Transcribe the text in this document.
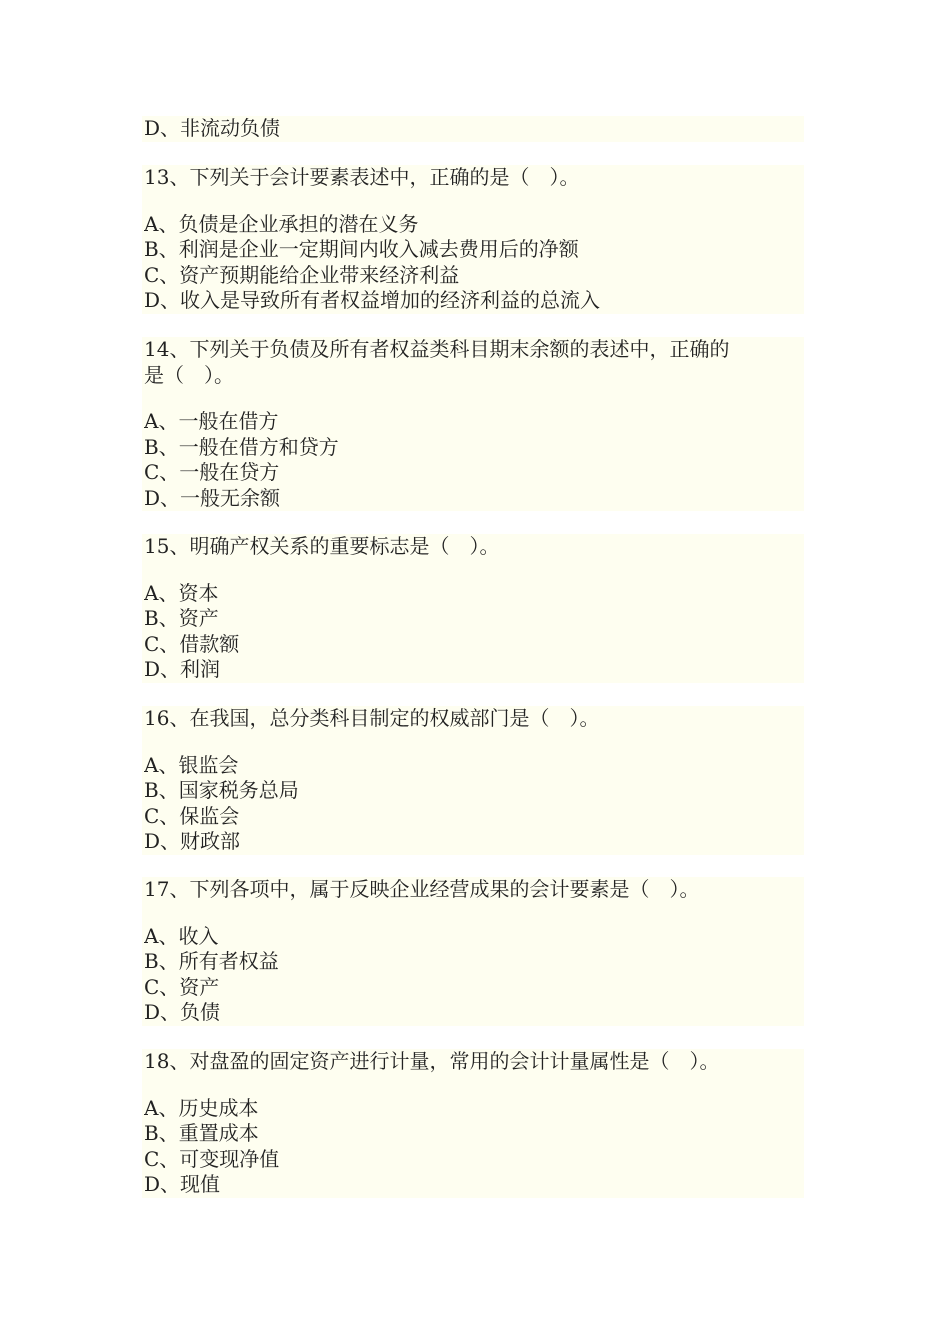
D、非流动负债
13、下列关于会计要素表述中，正确的是（　）。
A、负债是企业承担的潜在义务
B、利润是企业一定期间内收入减去费用后的净额
C、资产预期能给企业带来经济利益
D、收入是导致所有者权益增加的经济利益的总流入
14、下列关于负债及所有者权益类科目期末余额的表述中，正确的
是（　）。
A、一般在借方
B、一般在借方和贷方
C、一般在贷方
D、一般无余额
15、明确产权关系的重要标志是（　）。
A、资本
B、资产
C、借款额
D、利润
16、在我国，总分类科目制定的权威部门是（　）。
A、银监会
B、国家税务总局
C、保监会
D、财政部
17、下列各项中，属于反映企业经营成果的会计要素是（　）。
A、收入
B、所有者权益
C、资产
D、负债
18、对盘盈的固定资产进行计量，常用的会计计量属性是（　）。
A、历史成本
B、重置成本
C、可变现净值
D、现值
